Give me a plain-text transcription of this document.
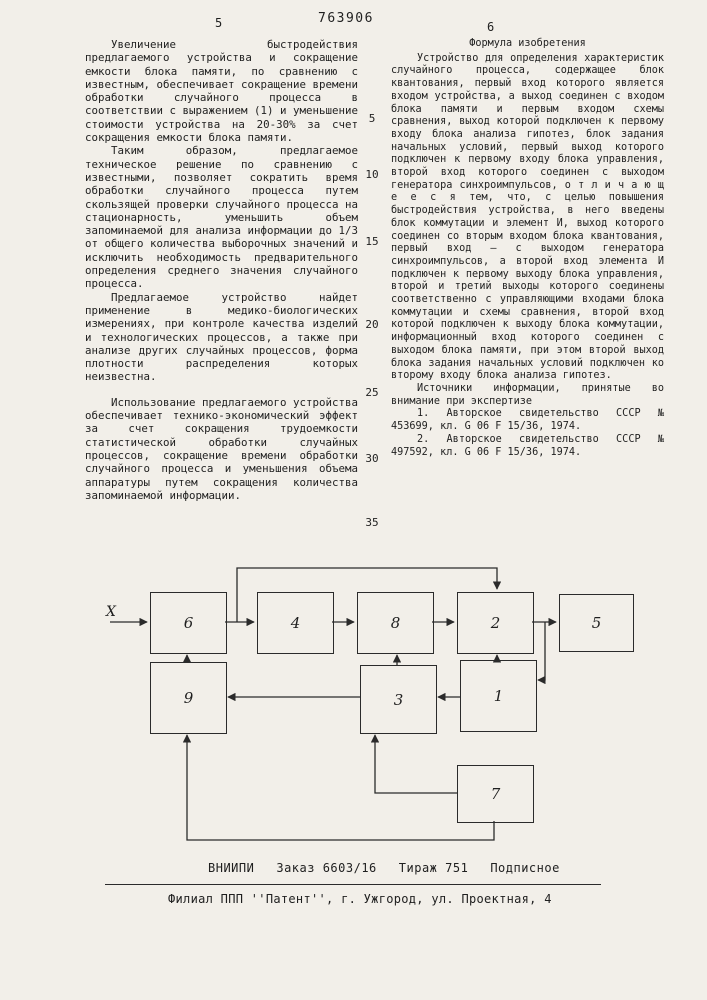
5	763906
6

Увеличение быстродействия предлагаемого устройства и сокращение емкости блока памяти, по сравнению с известным, обеспечивает сокращение времени обработки случайного процесса в соответствии с выражением (1) и уменьшение стоимости устройства на 20-30% за счет сокращения емкости блока памяти.

Таким образом, предлагаемое техническое решение по сравнению с известными, позволяет сократить время обработки случайного процесса путем скользящей проверки случайного процесса на стационарность, уменьшить объем запоминаемой для анализа информации до 1/3 от общего количества выборочных значений и исключить необходимость предварительного определения среднего значения случайного процесса.

Предлагаемое устройство найдет применение в медико-биологических измерениях, при контроле качества изделий и технологических процессов, а также при анализе других случайных процессов, форма плотности распределения которых неизвестна.

Использование предлагаемого устройства обеспечивает технико-экономический эффект за счет сокращения трудоемкости статистической обработки случайных процессов, сокращение времени обработки случайного процесса и уменьшения объема аппаратуры путем сокращения количества запоминаемой информации.

5
10
15
20
25
30
35
Формула изобретения

Устройство для определения характеристик случайного процесса, содержащее блок квантования, первый вход которого является входом устройства, а выход соединен с входом блока памяти и первым входом схемы сравнения, выход которой подключен к первому входу блока анализа гипотез, блок задания начальных условий, первый выход которого подключен к первому входу блока управления, второй вход которого соединен с выходом генератора синхроимпульсов, о т л и ч а ю щ е е с я тем, что, с целью повышения быстродействия устройства, в него введены блок коммутации и элемент И, выход которого соединен со вторым входом блока квантования, первый вход — с выходом генератора синхроимпульсов, а второй вход элемента И подключен к первому выходу блока управления, второй и третий выходы которого соединены соответственно с управляющими входами блока коммутации и схемы сравнения, второй вход которой подключен к выходу блока коммутации, информационный вход которого соединен с выходом блока памяти, при этом второй выход блока задания начальных условий подключен ко второму входу блока анализа гипотез.

Источники информации, принятые во внимание при экспертизе

1. Авторское свидетельство СССР № 453699, кл. G 06 F 15/36, 1974.

2. Авторское свидетельство СССР № 497592, кл. G 06 F 15/36, 1974.

X
6	4	8	2	5
9	3	1
7
ВНИИПИ Заказ 6603/16 Тираж 751 Подписное
Филиал ППП ''Патент'', г. Ужгород, ул. Проектная, 4
